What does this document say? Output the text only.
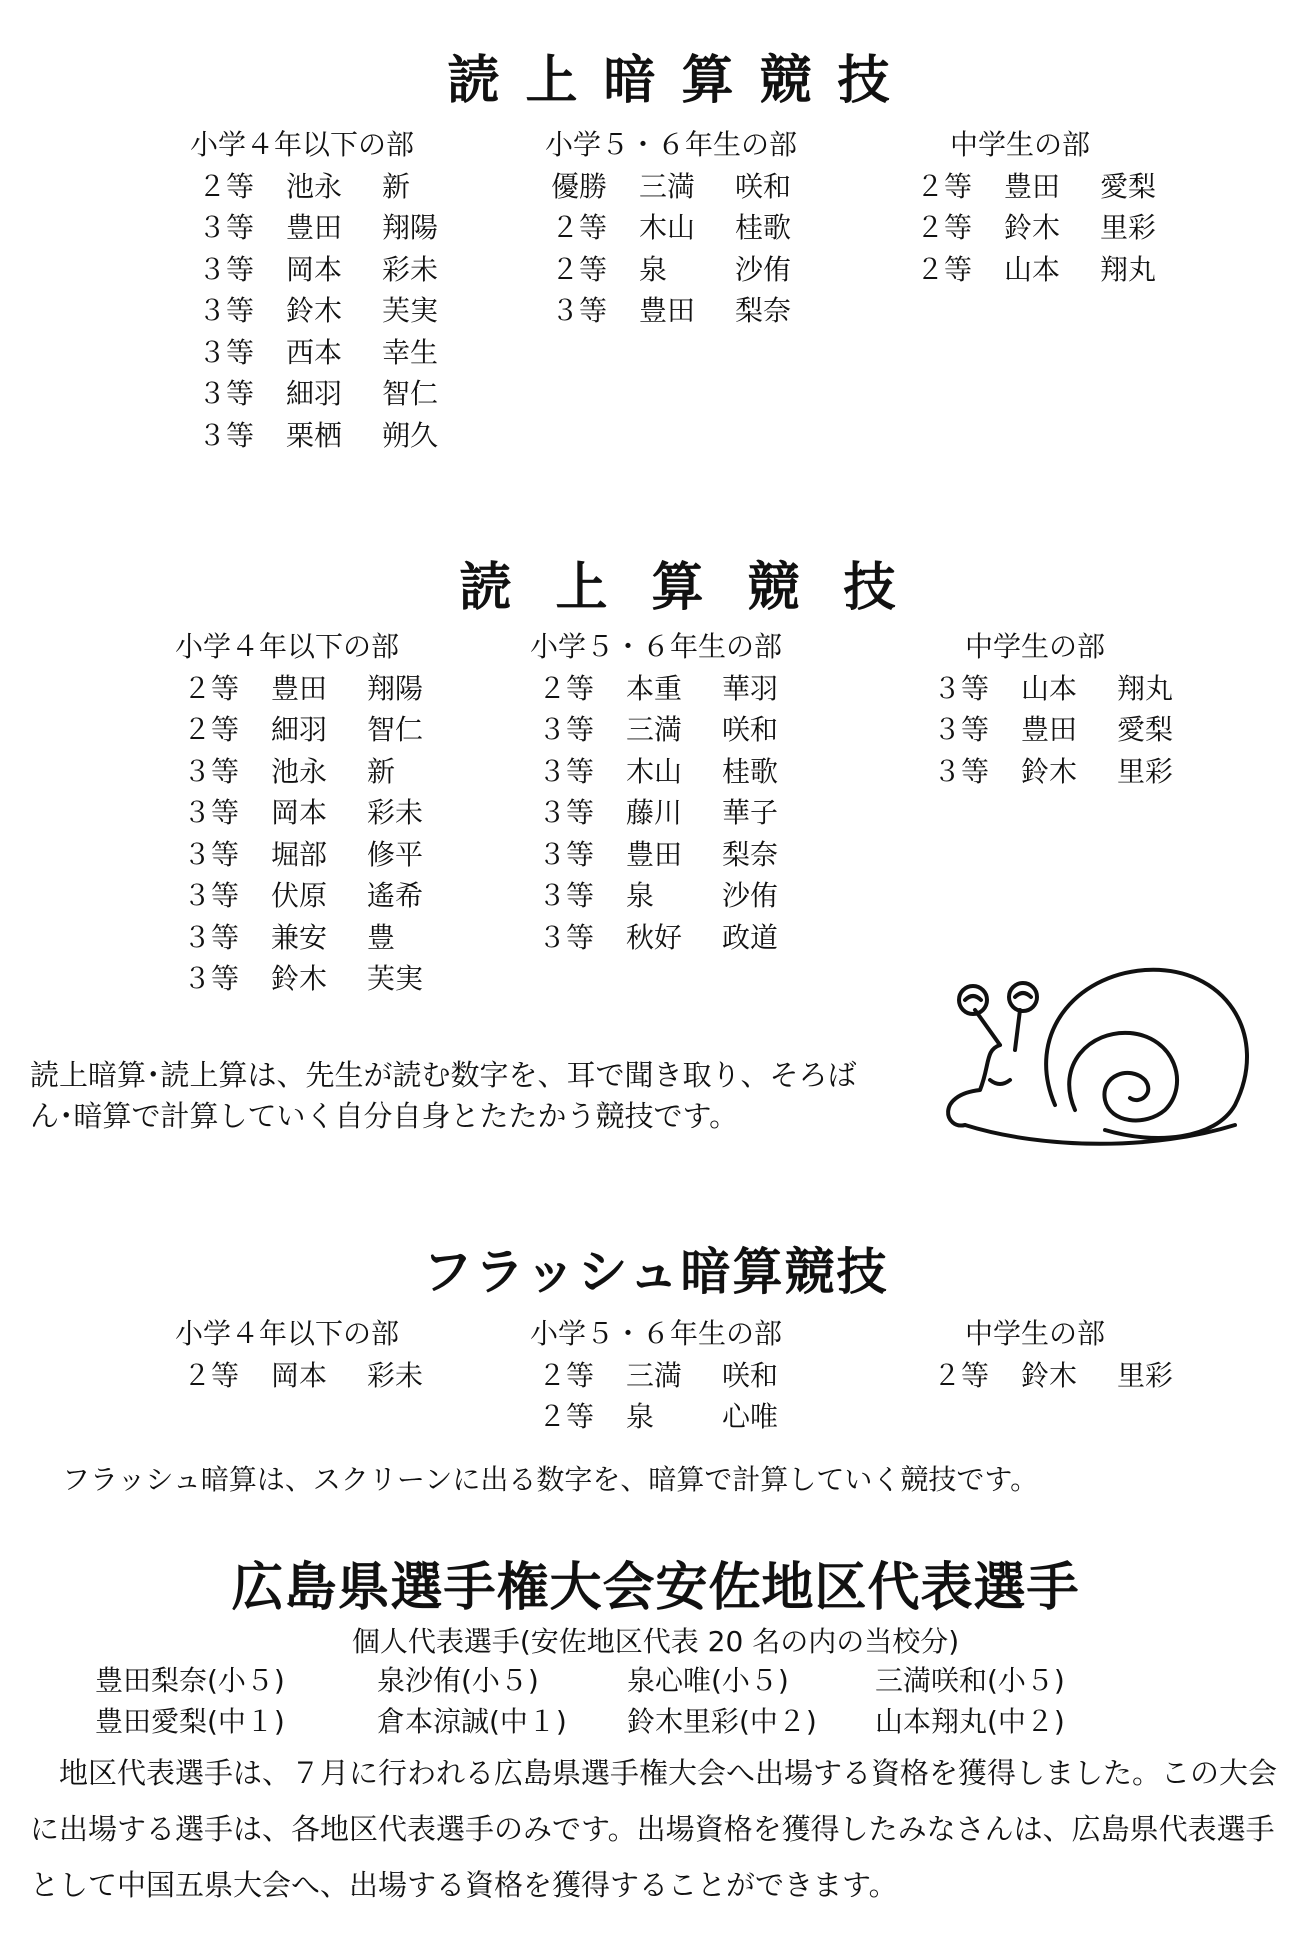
読上暗算競技
小学４年以下の部
２等 池永 新
３等 豊田 翔陽
３等 岡本 彩未
３等 鈴木 芙実
３等 西本 幸生
３等 細羽 智仁
３等 栗栖 朔久
小学５・６年生の部
優勝 三満 咲和
２等 木山 桂歌
２等 泉 沙侑
３等 豊田 梨奈
中学生の部
２等 豊田 愛梨
２等 鈴木 里彩
２等 山本 翔丸
読上算競技
小学４年以下の部
２等 豊田 翔陽
２等 細羽 智仁
３等 池永 新
３等 岡本 彩未
３等 堀部 修平
３等 伏原 遙希
３等 兼安 豊
３等 鈴木 芙実
小学５・６年生の部
２等 本重 華羽
３等 三満 咲和
３等 木山 桂歌
３等 藤川 華子
３等 豊田 梨奈
３等 泉 沙侑
３等 秋好 政道
中学生の部
３等 山本 翔丸
３等 豊田 愛梨
３等 鈴木 里彩
読上暗算･読上算は、先生が読む数字を、耳で聞き取り、そろばん･暗算で計算していく自分自身とたたかう競技です。
フラッシュ暗算競技
小学４年以下の部
２等 岡本 彩未
小学５・６年生の部
２等 三満 咲和
２等 泉 心唯
中学生の部
２等 鈴木 里彩
フラッシュ暗算は、スクリーンに出る数字を、暗算で計算していく競技です。
広島県選手権大会安佐地区代表選手
個人代表選手(安佐地区代表 20 名の内の当校分)
豊田梨奈(小５)	泉沙侑(小５)	泉心唯(小５)	三満咲和(小５)
豊田愛梨(中１)	倉本涼誠(中１) 鈴木里彩(中２) 山本翔丸(中２)
　地区代表選手は、７月に行われる広島県選手権大会へ出場する資格を獲得しました。この大会に出場する選手は、各地区代表選手のみです。出場資格を獲得したみなさんは、広島県代表選手として中国五県大会へ、出場する資格を獲得することができます。
